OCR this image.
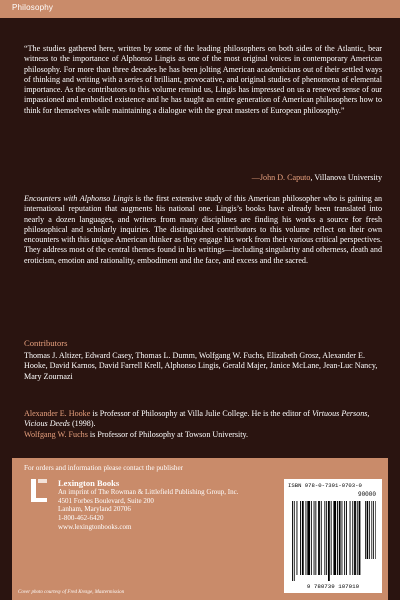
Philosophy

“The studies gathered here, written by some of the leading philosophers on both sides of the Atlantic, bear witness to the importance of Alphonso Lingis as one of the most original voices in contemporary American philosophy. For more than three decades he has been jolting American academicians out of their settled ways of thinking and writing with a series of brilliant, provocative, and original studies of phenomena of elemental importance. As the contributors to this volume remind us, Lingis has impressed on us a renewed sense of our impassioned and embodied existence and he has taught an entire generation of American philosophers how to think for themselves while maintaining a dialogue with the great masters of European philosophy.”

—John D. Caputo, Villanova University

Encounters with Alphonso Lingis is the first extensive study of this American philosopher who is gaining an international reputation that augments his national one. Lingis’s books have already been translated into nearly a dozen languages, and writers from many disciplines are finding his works a source for fresh philosophical and scholarly inquiries. The distinguished contributors to this volume reflect on their own encounters with this unique American thinker as they engage his work from their various critical perspectives. They address most of the central themes found in his writings—including singularity and otherness, death and eroticism, emotion and rationality, embodiment and the face, and excess and the sacred.

Contributors

Thomas J. Altizer, Edward Casey, Thomas L. Dumm, Wolfgang W. Fuchs, Elizabeth Grosz, Alexander E. Hooke, David Karnos, David Farrell Krell, Alphonso Lingis, Gerald Majer, Janice McLane, Jean-Luc Nancy, Mary Zournazi

Alexander E. Hooke is Professor of Philosophy at Villa Julie College. He is the editor of Virtuous Persons, Vicious Deeds (1998).

Wolfgang W. Fuchs is Professor of Philosophy at Towson University.

For orders and information please contact the publisher
Lexington Books
An imprint of The Rowman & Littlefield Publishing Group, Inc.
4501 Forbes Boulevard, Suite 200
Lanham, Maryland 20706
1-800-462-6420
www.lexingtonbooks.com
Cover photo courtesy of Fred Krezge, Mastermission
ISBN 978-0-7391-0703-0
90000
9 780739 107010
